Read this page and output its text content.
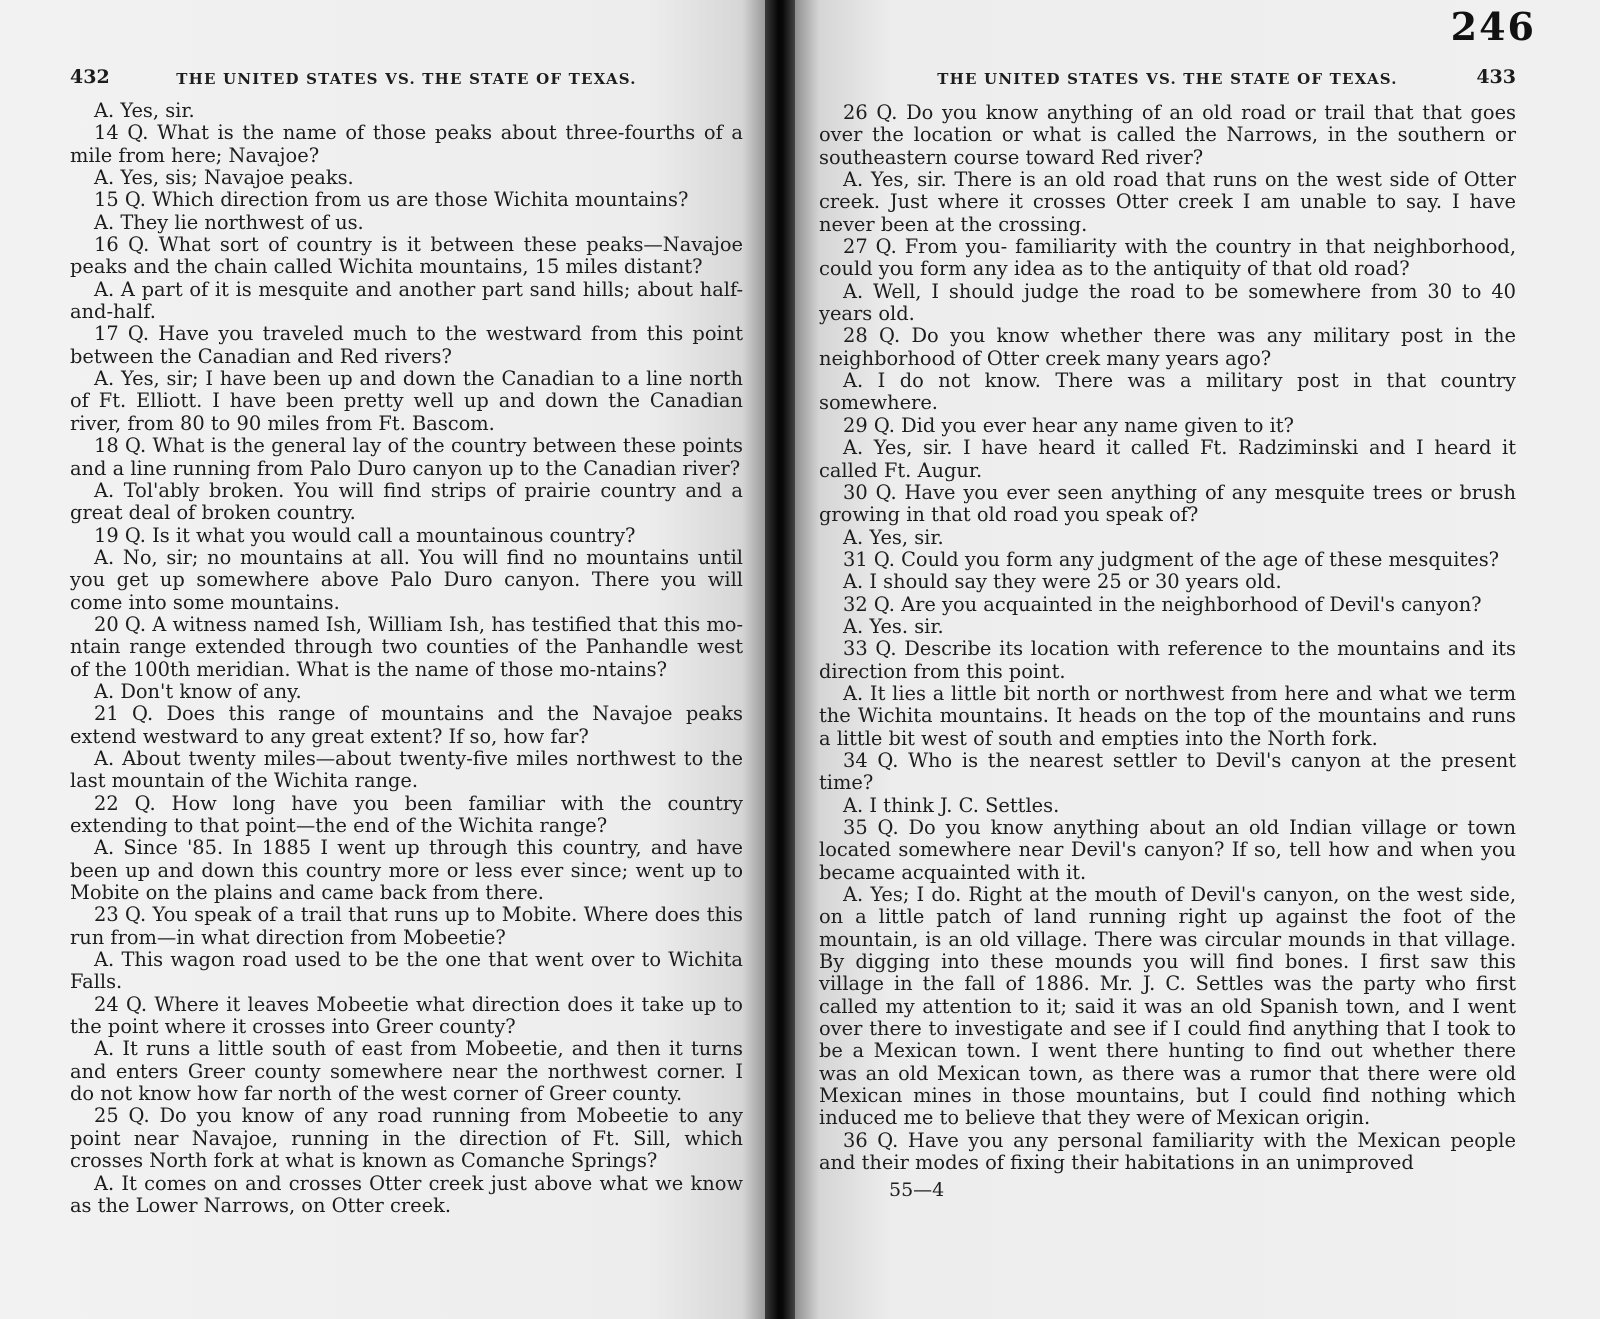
432	THE UNITED STATES VS. THE STATE OF TEXAS.

A. Yes, sir.

14 Q. What is the name of those peaks about three-fourths of a mile from here; Navajoe?

A. Yes, sis; Navajoe peaks.

15 Q. Which direction from us are those Wichita mountains?

A. They lie northwest of us.

16 Q. What sort of country is it between these peaks—Navajoe peaks and the chain called Wichita mountains, 15 miles distant?

A. A part of it is mesquite and another part sand hills; about half-and-half.

17 Q. Have you traveled much to the westward from this point between the Canadian and Red rivers?

A. Yes, sir; I have been up and down the Canadian to a line north of Ft. Elliott. I have been pretty well up and down the Canadian river, from 80 to 90 miles from Ft. Bascom.

18 Q. What is the general lay of the country between these points and a line running from Palo Duro canyon up to the Canadian river?

A. Tol'ably broken. You will find strips of prairie country and a great deal of broken country.

19 Q. Is it what you would call a mountainous country?

A. No, sir; no mountains at all. You will find no mountains until you get up somewhere above Palo Duro canyon. There you will come into some mountains.

20 Q. A witness named Ish, William Ish, has testified that this mo-ntain range extended through two counties of the Panhandle west of the 100th meridian. What is the name of those mo-ntains?

A. Don't know of any.

21 Q. Does this range of mountains and the Navajoe peaks extend westward to any great extent? If so, how far?

A. About twenty miles—about twenty-five miles northwest to the last mountain of the Wichita range.

22 Q. How long have you been familiar with the country extending to that point—the end of the Wichita range?

A. Since '85. In 1885 I went up through this country, and have been up and down this country more or less ever since; went up to Mobite on the plains and came back from there.

23 Q. You speak of a trail that runs up to Mobite. Where does this run from—in what direction from Mobeetie?

A. This wagon road used to be the one that went over to Wichita Falls.

24 Q. Where it leaves Mobeetie what direction does it take up to the point where it crosses into Greer county?

A. It runs a little south of east from Mobeetie, and then it turns and enters Greer county somewhere near the northwest corner. I do not know how far north of the west corner of Greer county.

25 Q. Do you know of any road running from Mobeetie to any point near Navajoe, running in the direction of Ft. Sill, which crosses North fork at what is known as Comanche Springs?

A. It comes on and crosses Otter creek just above what we know as the Lower Narrows, on Otter creek.

246
THE UNITED STATES VS. THE STATE OF TEXAS.	433

26 Q. Do you know anything of an old road or trail that that goes over the location or what is called the Narrows, in the southern or southeastern course toward Red river?

A. Yes, sir. There is an old road that runs on the west side of Otter creek. Just where it crosses Otter creek I am unable to say. I have never been at the crossing.

27 Q. From you- familiarity with the country in that neighborhood, could you form any idea as to the antiquity of that old road?

A. Well, I should judge the road to be somewhere from 30 to 40 years old.

28 Q. Do you know whether there was any military post in the neighborhood of Otter creek many years ago?

A. I do not know. There was a military post in that country somewhere.

29 Q. Did you ever hear any name given to it?

A. Yes, sir. I have heard it called Ft. Radziminski and I heard it called Ft. Augur.

30 Q. Have you ever seen anything of any mesquite trees or brush growing in that old road you speak of?

A. Yes, sir.

31 Q. Could you form any judgment of the age of these mesquites?

A. I should say they were 25 or 30 years old.

32 Q. Are you acquainted in the neighborhood of Devil's canyon?

A. Yes. sir.

33 Q. Describe its location with reference to the mountains and its direction from this point.

A. It lies a little bit north or northwest from here and what we term the Wichita mountains. It heads on the top of the mountains and runs a little bit west of south and empties into the North fork.

34 Q. Who is the nearest settler to Devil's canyon at the present time?

A. I think J. C. Settles.

35 Q. Do you know anything about an old Indian village or town located somewhere near Devil's canyon? If so, tell how and when you became acquainted with it.

A. Yes; I do. Right at the mouth of Devil's canyon, on the west side, on a little patch of land running right up against the foot of the mountain, is an old village. There was circular mounds in that village. By digging into these mounds you will find bones. I first saw this village in the fall of 1886. Mr. J. C. Settles was the party who first called my attention to it; said it was an old Spanish town, and I went over there to investigate and see if I could find anything that I took to be a Mexican town. I went there hunting to find out whether there was an old Mexican town, as there was a rumor that there were old Mexican mines in those mountains, but I could find nothing which induced me to believe that they were of Mexican origin.

36 Q. Have you any personal familiarity with the Mexican people and their modes of fixing their habitations in an unimproved

55—4
